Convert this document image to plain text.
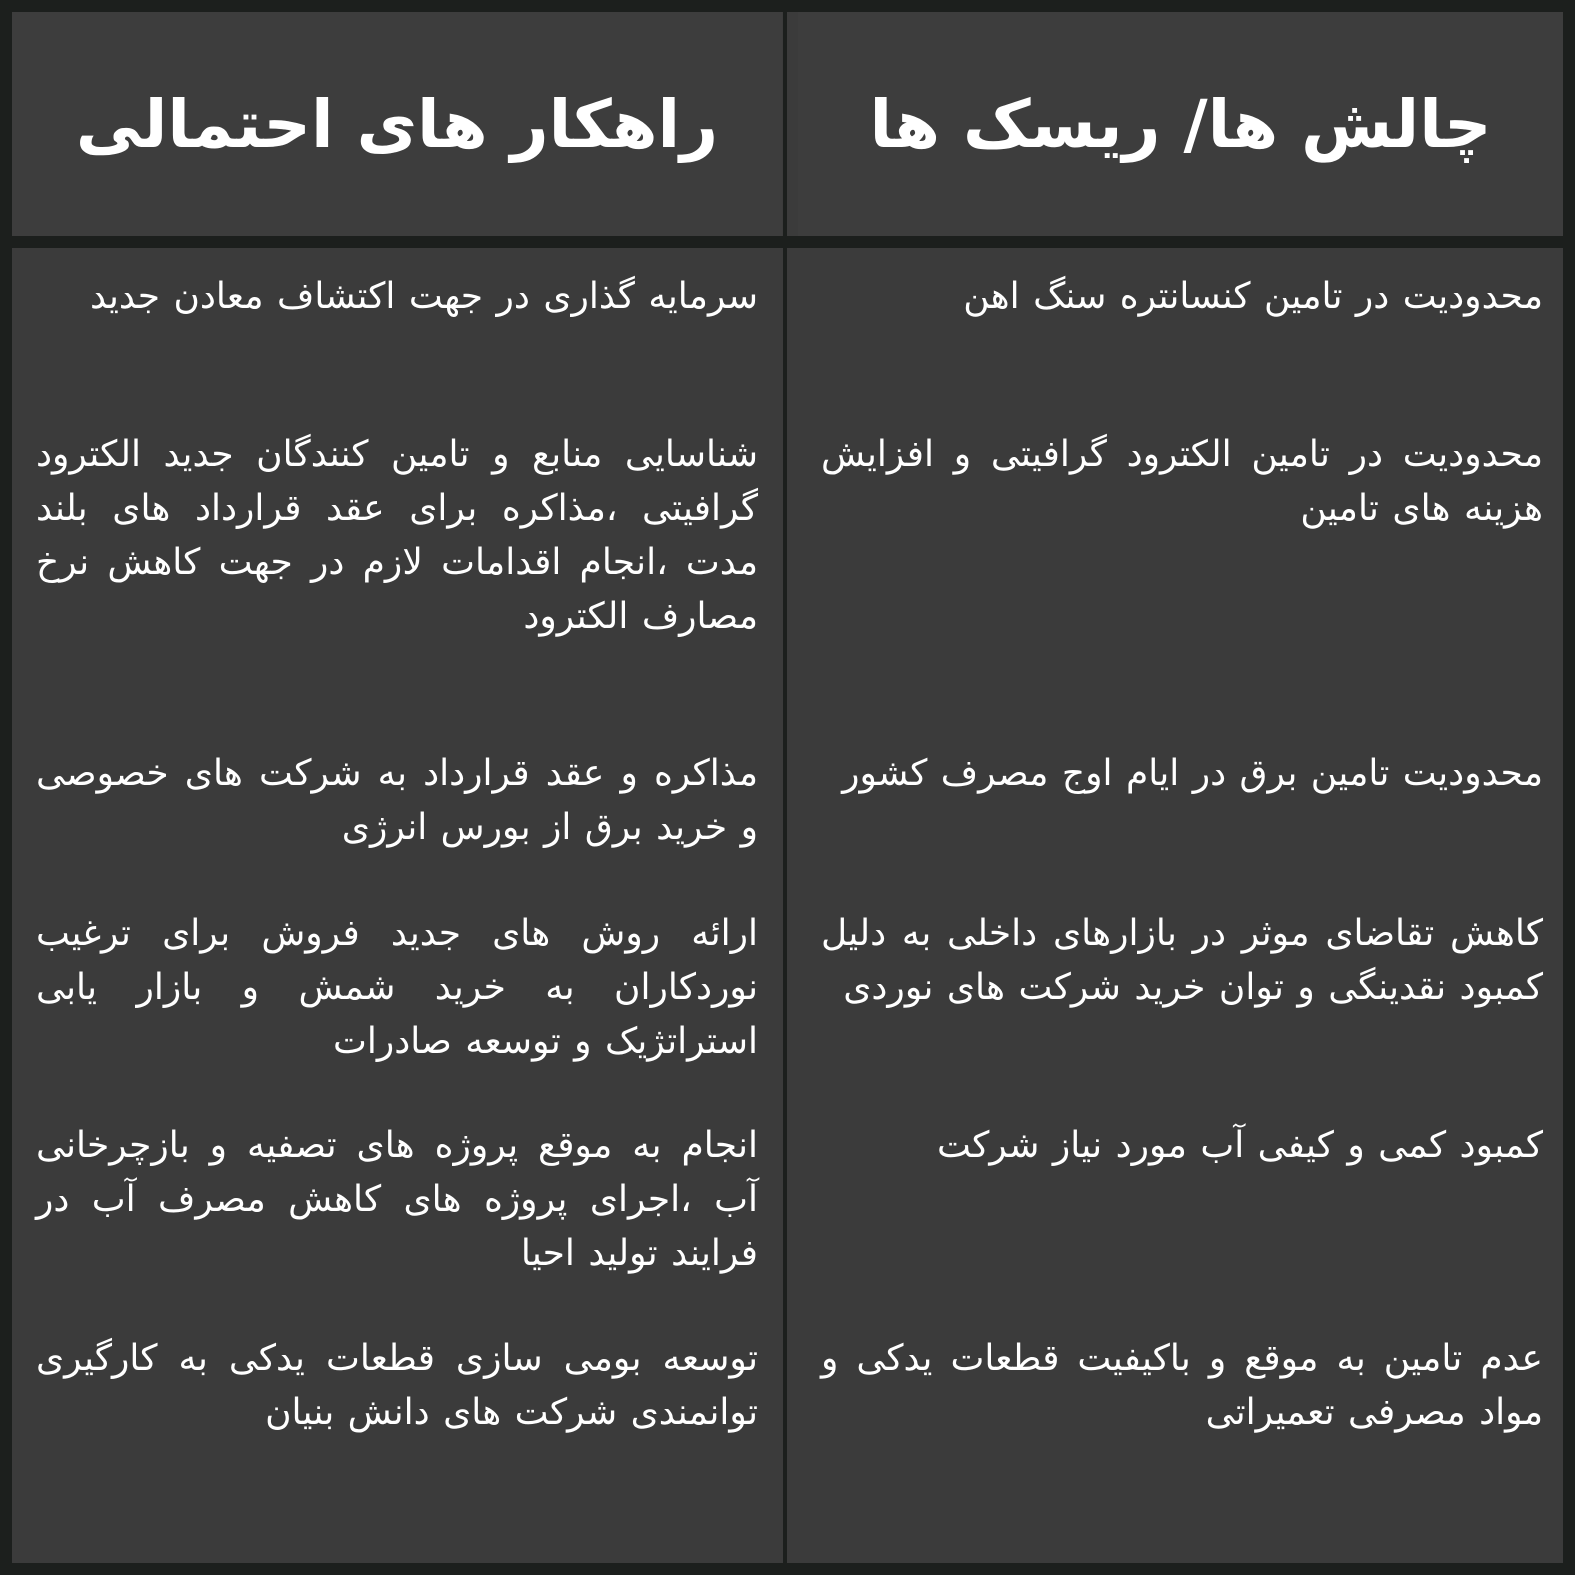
چالش ها/ ریسک ها
راهکار های احتمالی
محدودیت در تامین کنسانتره سنگ اهن
سرمایه گذاری در جهت اکتشاف معادن جدید
محدودیت در تامین الکترود گرافیتی و افزایش هزینه های تامین
شناسایی منابع و تامین کنندگان جدید الکترود گرافیتی ،مذاکره برای عقد قرارداد های بلند مدت ،انجام اقدامات لازم در جهت کاهش نرخ مصارف الکترود
محدودیت تامین برق در ایام اوج مصرف کشور
مذاکره و عقد قرارداد به شرکت های خصوصی و خرید برق از بورس انرژی
کاهش تقاضای موثر در بازارهای داخلی به دلیل کمبود نقدینگی و توان خرید شرکت های نوردی
ارائه روش های جدید فروش برای ترغیب نوردکاران به خرید شمش و بازار یابی استراتژیک و توسعه صادرات
کمبود کمی و کیفی آب مورد نیاز شرکت
انجام به موقع پروژه های تصفیه و بازچرخانی آب ،اجرای پروژه های کاهش مصرف آب در فرایند تولید احیا
عدم تامین به موقع و باکیفیت قطعات یدکی و مواد مصرفی تعمیراتی
توسعه بومی سازی قطعات یدکی به کارگیری توانمندی شرکت های دانش بنیان
